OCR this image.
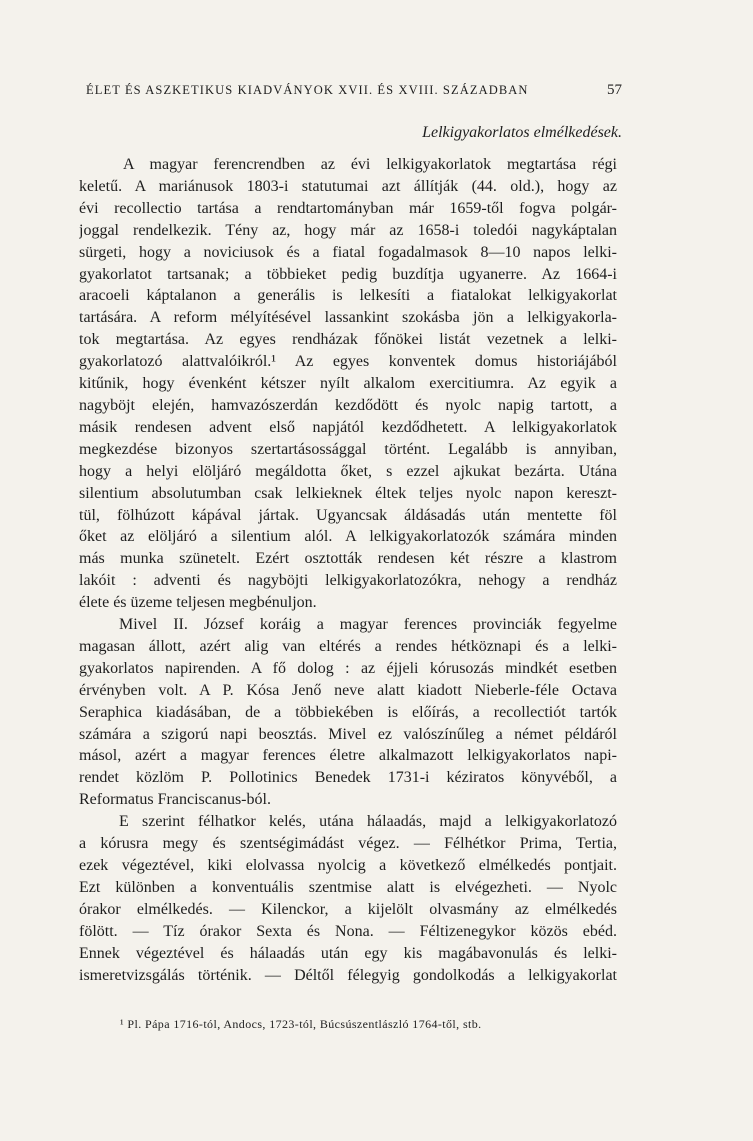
ÉLET ÉS ASZKETIKUS KIADVÁNYOK XVII. ÉS XVIII. SZÁZADBAN	57
Lelkigyakorlatos elmélkedések.
A magyar ferencrendben az évi lelkigyakorlatok megtartása régi
keletű. A mariánusok 1803-i statutumai azt állítják (44. old.), hogy az
évi recollectio tartása a rendtartományban már 1659-től fogva polgár-
joggal rendelkezik. Tény az, hogy már az 1658-i toledói nagykáptalan
sürgeti, hogy a noviciusok és a fiatal fogadalmasok 8—10 napos lelki-
gyakorlatot tartsanak; a többieket pedig buzdítja ugyanerre. Az 1664-i
aracoeli káptalanon a generális is lelkesíti a fiatalokat lelkigyakorlat
tartására. A reform mélyítésével lassankint szokásba jön a lelkigyakorla-
tok megtartása. Az egyes rendházak főnökei listát vezetnek a lelki-
gyakorlatozó alattvalóikról.¹ Az egyes konventek domus historiájából
kitűnik, hogy évenként kétszer nyílt alkalom exercitiumra. Az egyik a
nagyböjt elején, hamvazószerdán kezdődött és nyolc napig tartott, a
másik rendesen advent első napjától kezdődhetett. A lelkigyakorlatok
megkezdése bizonyos szertartásossággal történt. Legalább is annyiban,
hogy a helyi elöljáró megáldotta őket, s ezzel ajkukat bezárta. Utána
silentium absolutumban csak lelkieknek éltek teljes nyolc napon kereszt-
tül, fölhúzott kápával jártak. Ugyancsak áldásadás után mentette föl
őket az elöljáró a silentium alól. A lelkigyakorlatozók számára minden
más munka szünetelt. Ezért osztották rendesen két részre a klastrom
lakóit : adventi és nagyböjti lelkigyakorlatozókra, nehogy a rendház
élete és üzeme teljesen megbénuljon.
Mivel II. József koráig a magyar ferences provinciák fegyelme
magasan állott, azért alig van eltérés a rendes hétköznapi és a lelki-
gyakorlatos napirenden. A fő dolog : az éjjeli kórusozás mindkét esetben
érvényben volt. A P. Kósa Jenő neve alatt kiadott Nieberle-féle Octava
Seraphica kiadásában, de a többiekében is előírás, a recollectiót tartók
számára a szigorú napi beosztás. Mivel ez valószínűleg a német példáról
másol, azért a magyar ferences életre alkalmazott lelkigyakorlatos napi-
rendet közlöm P. Pollotinics Benedek 1731-i kéziratos könyvéből, a
Reformatus Franciscanus-ból.
E szerint félhatkor kelés, utána hálaadás, majd a lelkigyakorlatozó
a kórusra megy és szentségimádást végez. — Félhétkor Prima, Tertia,
ezek végeztével, kiki elolvassa nyolcig a következő elmélkedés pontjait.
Ezt különben a konventuális szentmise alatt is elvégezheti. — Nyolc
órakor elmélkedés. — Kilenckor, a kijelölt olvasmány az elmélkedés
fölött. — Tíz órakor Sexta és Nona. — Féltizenegykor közös ebéd.
Ennek végeztével és hálaadás után egy kis magábavonulás és lelki-
ismeretvizsgálás történik. — Déltől félegyig gondolkodás a lelkigyakorlat
¹ Pl. Pápa 1716-tól, Andocs, 1723-tól, Búcsúszentlászló 1764-től, stb.
